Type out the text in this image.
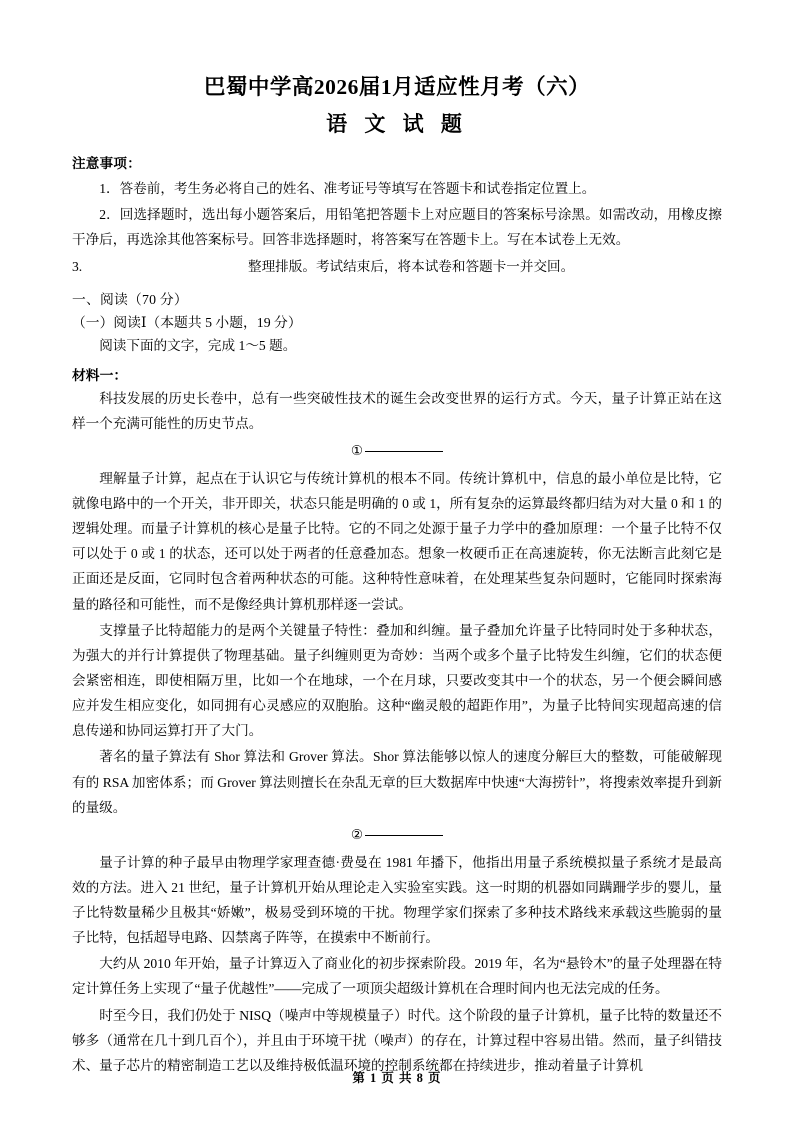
巴蜀中学高2026届1月适应性月考（六）
语 文 试 题
注意事项：

1．答卷前，考生务必将自己的姓名、准考证号等填写在答题卡和试卷指定位置上。

2．回选择题时，选出每小题答案后，用铅笔把答题卡上对应题目的答案标号涂黑。如需改动，用橡皮擦干净后，再选涂其他答案标号。回答非选择题时，将答案写在答题卡上。写在本试卷上无效。

3.	整理排版。考试结束后，将本试卷和答题卡一并交回。
一、阅读（70 分）
（一）阅读Ⅰ（本题共 5 小题，19 分）

阅读下面的文字，完成 1～5 题。

材料一：

科技发展的历史长卷中，总有一些突破性技术的诞生会改变世界的运行方式。今天，量子计算正站在这样一个充满可能性的历史节点。

①

理解量子计算，起点在于认识它与传统计算机的根本不同。传统计算机中，信息的最小单位是比特，它就像电路中的一个开关，非开即关，状态只能是明确的 0 或 1，所有复杂的运算最终都归结为对大量 0 和 1 的逻辑处理。而量子计算机的核心是量子比特。它的不同之处源于量子力学中的叠加原理：一个量子比特不仅可以处于 0 或 1 的状态，还可以处于两者的任意叠加态。想象一枚硬币正在高速旋转，你无法断言此刻它是正面还是反面，它同时包含着两种状态的可能。这种特性意味着，在处理某些复杂问题时，它能同时探索海量的路径和可能性，而不是像经典计算机那样逐一尝试。

支撑量子比特超能力的是两个关键量子特性：叠加和纠缠。量子叠加允许量子比特同时处于多种状态，为强大的并行计算提供了物理基础。量子纠缠则更为奇妙：当两个或多个量子比特发生纠缠，它们的状态便会紧密相连，即使相隔万里，比如一个在地球，一个在月球，只要改变其中一个的状态，另一个便会瞬间感应并发生相应变化，如同拥有心灵感应的双胞胎。这种“幽灵般的超距作用”，为量子比特间实现超高速的信息传递和协同运算打开了大门。

著名的量子算法有 Shor 算法和 Grover 算法。Shor 算法能够以惊人的速度分解巨大的整数，可能破解现有的 RSA 加密体系；而 Grover 算法则擅长在杂乱无章的巨大数据库中快速“大海捞针”，将搜索效率提升到新的量级。

②

量子计算的种子最早由物理学家理查德·费曼在 1981 年播下，他指出用量子系统模拟量子系统才是最高效的方法。进入 21 世纪，量子计算机开始从理论走入实验室实践。这一时期的机器如同蹒跚学步的婴儿，量子比特数量稀少且极其“娇嫩”，极易受到环境的干扰。物理学家们探索了多种技术路线来承载这些脆弱的量子比特，包括超导电路、囚禁离子阵等，在摸索中不断前行。

大约从 2010 年开始，量子计算迈入了商业化的初步探索阶段。2019 年，名为“悬铃木”的量子处理器在特定计算任务上实现了“量子优越性”——完成了一项顶尖超级计算机在合理时间内也无法完成的任务。

时至今日，我们仍处于 NISQ（噪声中等规模量子）时代。这个阶段的量子计算机，量子比特的数量还不够多（通常在几十到几百个），并且由于环境干扰（噪声）的存在，计算过程中容易出错。然而，量子纠错技术、量子芯片的精密制造工艺以及维持极低温环境的控制系统都在持续进步，推动着量子计算机

第 1 页 共 8 页
